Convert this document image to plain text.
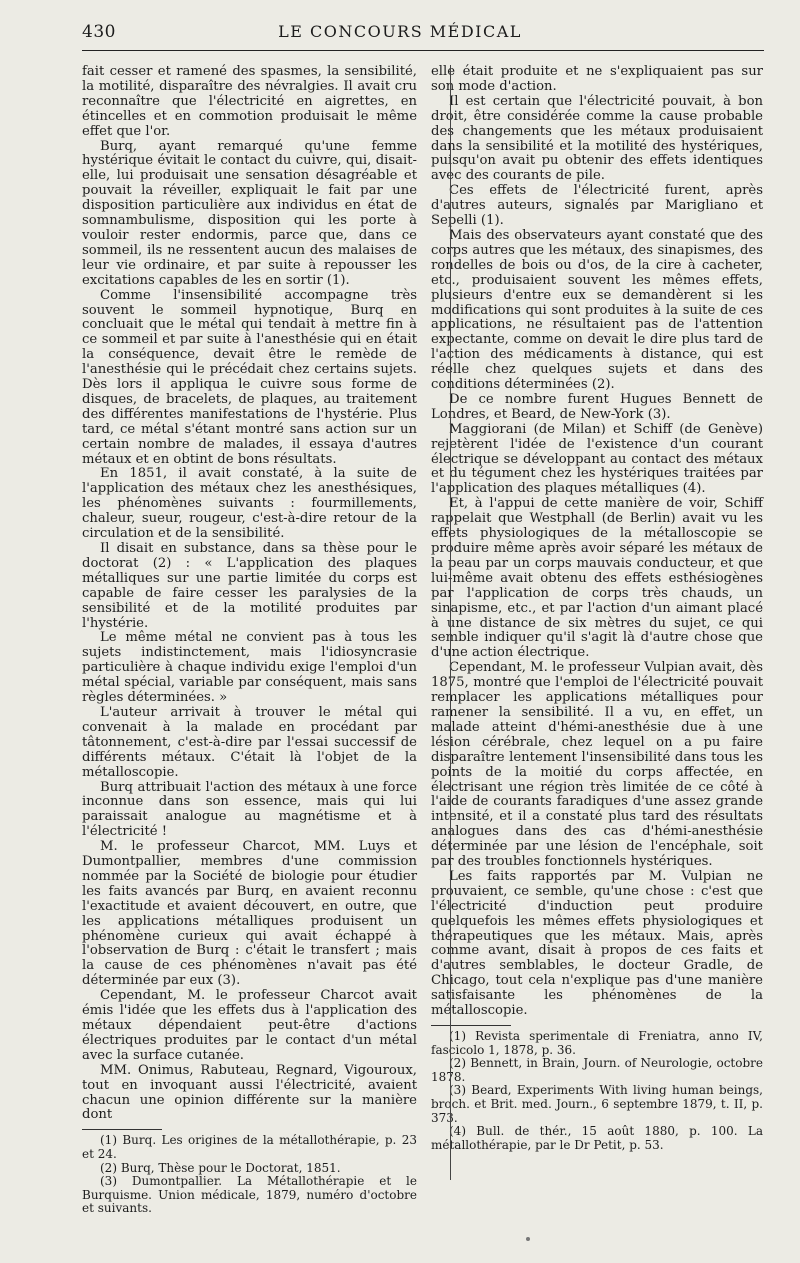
430	LE CONCOURS MÉDICAL

fait cesser et ramené des spasmes, la sensibilité, la motilité, disparaître des névralgies. Il avait cru reconnaître que l'électricité en aigrettes, en étincelles et en commotion produisait le même effet que l'or.

Burq, ayant remarqué qu'une femme hystérique évitait le contact du cuivre, qui, disait-elle, lui produisait une sensation désagréable et pouvait la réveiller, expliquait le fait par une disposition particulière aux individus en état de somnambulisme, disposition qui les porte à vouloir rester endormis, parce que, dans ce sommeil, ils ne ressentent aucun des malaises de leur vie ordinaire, et par suite à repousser les excitations capables de les en sortir (1).

Comme l'insensibilité accompagne très souvent le sommeil hypnotique, Burq en concluait que le métal qui tendait à mettre fin à ce sommeil et par suite à l'anesthésie qui en était la conséquence, devait être le remède de l'anesthésie qui le précédait chez certains sujets. Dès lors il appliqua le cuivre sous forme de disques, de bracelets, de plaques, au traitement des différentes manifestations de l'hystérie. Plus tard, ce métal s'étant montré sans action sur un certain nombre de malades, il essaya d'autres métaux et en obtint de bons résultats.

En 1851, il avait constaté, à la suite de l'application des métaux chez les anesthésiques, les phénomènes suivants : fourmillements, chaleur, sueur, rougeur, c'est-à-dire retour de la circulation et de la sensibilité.

Il disait en substance, dans sa thèse pour le doctorat (2) : « L'application des plaques métalliques sur une partie limitée du corps est capable de faire cesser les paralysies de la sensibilité et de la motilité produites par l'hystérie.

Le même métal ne convient pas à tous les sujets indistinctement, mais l'idiosyncrasie particulière à chaque individu exige l'emploi d'un métal spécial, variable par conséquent, mais sans règles déterminées. »

L'auteur arrivait à trouver le métal qui convenait à la malade en procédant par tâtonnement, c'est-à-dire par l'essai successif de différents métaux. C'était là l'objet de la métalloscopie.

Burq attribuait l'action des métaux à une force inconnue dans son essence, mais qui lui paraissait analogue au magnétisme et à l'électricité !

M. le professeur Charcot, MM. Luys et Dumontpallier, membres d'une commission nommée par la Société de biologie pour étudier les faits avancés par Burq, en avaient reconnu l'exactitude et avaient découvert, en outre, que les applications métalliques produisent un phénomène curieux qui avait échappé à l'observation de Burq : c'était le transfert ; mais la cause de ces phénomènes n'avait pas été déterminée par eux (3).

Cependant, M. le professeur Charcot avait émis l'idée que les effets dus à l'application des métaux dépendaient peut-être d'actions électriques produites par le contact d'un métal avec la surface cutanée.

MM. Onimus, Rabuteau, Regnard, Vigouroux, tout en invoquant aussi l'électricité, avaient chacun une opinion différente sur la manière dont

(1) Burq. Les origines de la métallothérapie, p. 23 et 24.

(2) Burq, Thèse pour le Doctorat, 1851.

(3) Dumontpallier. La Métallothérapie et le Burquisme. Union médicale, 1879, numéro d'octobre et suivants.

elle était produite et ne s'expliquaient pas sur son mode d'action.

Il est certain que l'électricité pouvait, à bon droit, être considérée comme la cause probable des changements que les métaux produisaient dans la sensibilité et la motilité des hystériques, puisqu'on avait pu obtenir des effets identiques avec des courants de pile.

Ces effets de l'électricité furent, après d'autres auteurs, signalés par Marigliano et Sepelli (1).

Mais des observateurs ayant constaté que des corps autres que les métaux, des sinapismes, des rondelles de bois ou d'os, de la cire à cacheter, etc., produisaient souvent les mêmes effets, plusieurs d'entre eux se demandèrent si les modifications qui sont produites à la suite de ces applications, ne résultaient pas de l'attention expectante, comme on devait le dire plus tard de l'action des médicaments à distance, qui est réelle chez quelques sujets et dans des conditions déterminées (2).

De ce nombre furent Hugues Bennett de Londres, et Beard, de New-York (3).

Maggiorani (de Milan) et Schiff (de Genève) rejetèrent l'idée de l'existence d'un courant électrique se développant au contact des métaux et du tégument chez les hystériques traitées par l'application des plaques métalliques (4).

Et, à l'appui de cette manière de voir, Schiff rappelait que Westphall (de Berlin) avait vu les effets physiologiques de la métalloscopie se produire même après avoir séparé les métaux de la peau par un corps mauvais conducteur, et que lui-même avait obtenu des effets esthésiogènes par l'application de corps très chauds, un sinapisme, etc., et par l'action d'un aimant placé à une distance de six mètres du sujet, ce qui semble indiquer qu'il s'agit là d'autre chose que d'une action électrique.

Cependant, M. le professeur Vulpian avait, dès 1875, montré que l'emploi de l'électricité pouvait remplacer les applications métalliques pour ramener la sensibilité. Il a vu, en effet, un malade atteint d'hémi-anesthésie due à une lésion cérébrale, chez lequel on a pu faire disparaître lentement l'insensibilité dans tous les points de la moitié du corps affectée, en électrisant une région très limitée de ce côté à l'aide de courants faradiques d'une assez grande intensité, et il a constaté plus tard des résultats analogues dans des cas d'hémi-anesthésie déterminée par une lésion de l'encéphale, soit par des troubles fonctionnels hystériques.

Les faits rapportés par M. Vulpian ne prouvaient, ce semble, qu'une chose : c'est que l'électricité d'induction peut produire quelquefois les mêmes effets physiologiques et thérapeutiques que les métaux. Mais, après comme avant, disait à propos de ces faits et d'autres semblables, le docteur Gradle, de Chicago, tout cela n'explique pas d'une manière satisfaisante les phénomènes de la métalloscopie.

(1) Revista sperimentale di Freniatra, anno IV, fascicolo 1, 1878, p. 36.

(2) Bennett, in Brain, Journ. of Neurologie, octobre 1878.

(3) Beard, Experiments With living human beings, broch. et Brit. med. Journ., 6 septembre 1879, t. II, p. 373.

(4) Bull. de thér., 15 août 1880, p. 100. La métallothérapie, par le Dr Petit, p. 53.
